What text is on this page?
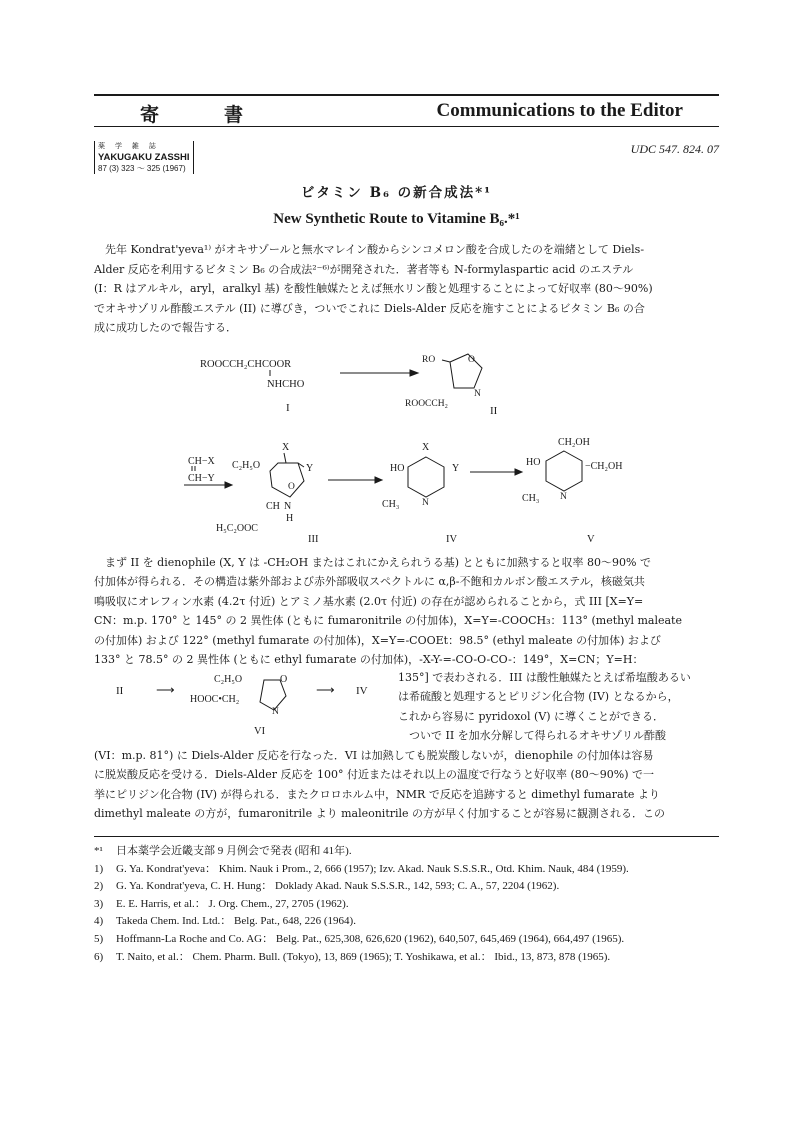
寄　　　書	Communications to the Editor
薬 学 雑 誌
YAKUGAKU ZASSHI
87 (3) 323 ～ 325 (1967)
UDC 547. 824. 07
ビタミン B₆ の新合成法*¹
New Synthetic Route to Vitamine B₆.*¹
先年 Kondrat'yeva¹⁾ がオキサゾールと無水マレイン酸からシンコメロン酸を合成したのを端緒として Diels-
Alder 反応を利用するビタミン B₆ の合成法²⁻⁶⁾が開発された．著者等も N-formylaspartic acid のエステル
(I：R はアルキル，aryl，aralkyl 基) を酸性触媒たとえば無水リン酸と処理することによって好収率 (80～90%)
でオキサゾリル酢酸エステル (II) に導びき，ついでこれに Diels-Alder 反応を施すことによるビタミン B₆ の合
成に成功したので報告する．
ROOCCH₂CHCOOR
NHCHO
I
RO	O
N
ROOCCH₂
II
CH−X
CH−Y
X
C₂H₅O	Y
O
CH N
H
H₅C₂OOC
III
X
HO	Y
N
CH₃
IV
CH₂OH
HO	−CH₂OH
N
CH₃
V
まず II を dienophile (X, Y は -CH₂OH またはこれにかえられうる基) とともに加熱すると収率 80～90% で
付加体が得られる．その構造は紫外部および赤外部吸収スペクトルに α,β-不飽和カルボン酸エステル，核磁気共
鳴吸収にオレフィン水素 (4.2τ 付近) とアミノ基水素 (2.0τ 付近) の存在が認められることから，式 III [X=Y=
CN：m.p. 170° と 145° の 2 異性体 (ともに fumaronitrile の付加体)，X=Y=-COOCH₃：113° (methyl maleate
の付加体) および 122° (methyl fumarate の付加体)，X=Y=-COOEt：98.5° (ethyl maleate の付加体) および
133° と 78.5° の 2 異性体 (ともに ethyl fumarate の付加体)，-X-Y-=-CO-O-CO-：149°，X=CN；Y=H：
II	⟶
C₂H₅O	O
HOOC•CH₂
N
VI
⟶ IV
135°] で表わされる．III は酸性触媒たとえば希塩酸あるい
は希硫酸と処理するとピリジン化合物 (IV) となるから，
これから容易に pyridoxol (V) に導くことができる．
ついで II を加水分解して得られるオキサゾリル酢酸
(VI：m.p. 81°) に Diels-Alder 反応を行なった．VI は加熱しても脱炭酸しないが，dienophile の付加体は容易
に脱炭酸反応を受ける．Diels-Alder 反応を 100° 付近またはそれ以上の温度で行なうと好収率 (80～90%) で一
挙にピリジン化合物 (IV) が得られる．またクロロホルム中，NMR で反応を追跡すると dimethyl fumarate より
dimethyl maleate の方が，fumaronitrile より maleonitrile の方が早く付加することが容易に観測される．この
*¹	日本薬学会近畿支部 9 月例会で発表 (昭和 41年).
1)	G. Ya. Kondrat'yeva： Khim. Nauk i Prom., 2, 666 (1957); Izv. Akad. Nauk S.S.S.R., Otd. Khim. Nauk, 484 (1959).
2)	G. Ya. Kondrat'yeva, C. H. Hung： Doklady Akad. Nauk S.S.S.R., 142, 593; C. A., 57, 2204 (1962).
3)	E. E. Harris, et al.： J. Org. Chem., 27, 2705 (1962).
4)	Takeda Chem. Ind. Ltd.： Belg. Pat., 648, 226 (1964).
5)	Hoffmann-La Roche and Co. AG： Belg. Pat., 625,308, 626,620 (1962), 640,507, 645,469 (1964), 664,497 (1965).
6)	T. Naito, et al.： Chem. Pharm. Bull. (Tokyo), 13, 869 (1965); T. Yoshikawa, et al.： Ibid., 13, 873, 878 (1965).
